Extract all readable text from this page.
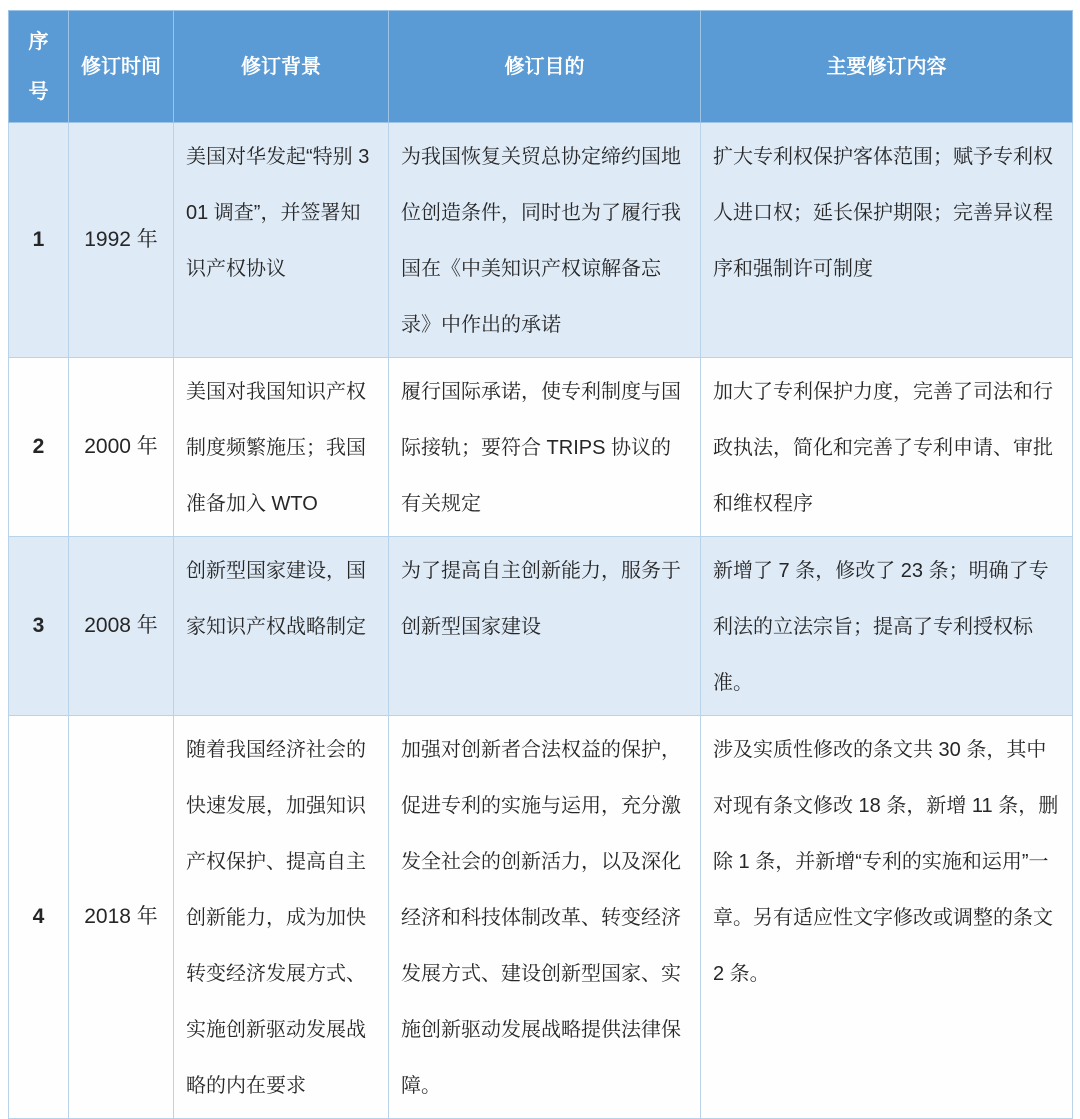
序号	修订时间	修订背景	修订目的	主要修订内容
1	1992 年	美国对华发起“特别 301 调查”，并签署知识产权协议	为我国恢复关贸总协定缔约国地位创造条件，同时也为了履行我国在《中美知识产权谅解备忘录》中作出的承诺	扩大专利权保护客体范围；赋予专利权人进口权；延长保护期限；完善异议程序和强制许可制度
2	2000 年	美国对我国知识产权制度频繁施压；我国准备加入 WTO	履行国际承诺，使专利制度与国际接轨；要符合 TRIPS 协议的有关规定	加大了专利保护力度，完善了司法和行政执法，简化和完善了专利申请、审批和维权程序
3	2008 年	创新型国家建设，国家知识产权战略制定	为了提高自主创新能力，服务于创新型国家建设	新增了 7 条，修改了 23 条；明确了专利法的立法宗旨；提高了专利授权标准。
4	2018 年	随着我国经济社会的快速发展，加强知识产权保护、提高自主创新能力，成为加快转变经济发展方式、实施创新驱动发展战略的内在要求	加强对创新者合法权益的保护，促进专利的实施与运用，充分激发全社会的创新活力，以及深化经济和科技体制改革、转变经济发展方式、建设创新型国家、实施创新驱动发展战略提供法律保障。	涉及实质性修改的条文共 30 条，其中对现有条文修改 18 条，新增 11 条，删除 1 条，并新增“专利的实施和运用”一章。另有适应性文字修改或调整的条文 2 条。
